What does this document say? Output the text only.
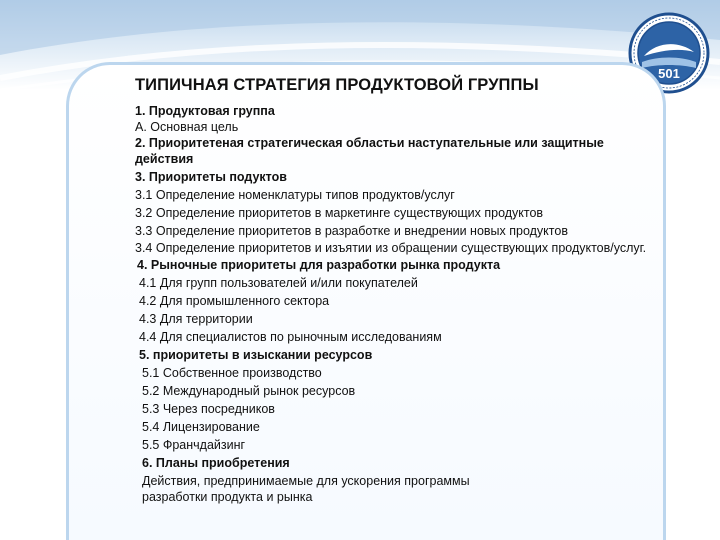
501
ТИПИЧНАЯ СТРАТЕГИЯ ПРОДУКТОВОЙ ГРУППЫ
1. Продуктовая группа
А. Основная цель
2. Приоритетеная стратегическая областьи наступательные или защитные действия
3. Приоритеты подуктов
3.1 Определение номенклатуры типов продуктов/услуг
3.2 Определение приоритетов в маркетинге существующих продуктов
3.3 Определение приоритетов в разработке и внедрении новых продуктов
3.4 Определение приоритетов и изъятии из обращении существующих продуктов/услуг.
4. Рыночные приоритеты для разработки рынка продукта
4.1 Для групп пользователей и/или покупателей
4.2 Для промышленного сектора
4.3 Для территории
4.4 Для специалистов по рыночным исследованиям
5. приоритеты в изыскании ресурсов
5.1 Собственное производство
5.2 Международный рынок ресурсов
5.3 Через посредников
5.4 Лицензирование
5.5 Франчдайзинг
6. Планы приобретения
Действия, предпринимаемые для ускорения программы
разработки продукта и рынка
